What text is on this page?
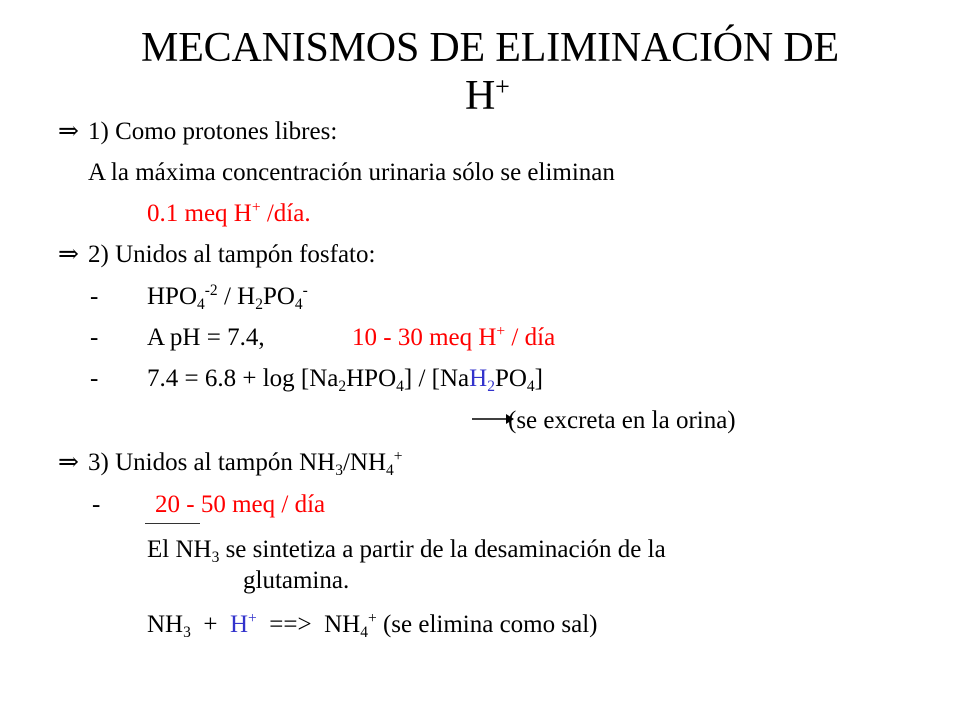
MECANISMOS DE ELIMINACIÓN DE

H+
⇒ 1) Como protones libres:
A la máxima concentración urinaria sólo se eliminan
0.1 meq H+ /día.
⇒ 2) Unidos al tampón fosfato:
- $HPO_4^{-2} / H_2PO_4^-$
- A pH = 7.4,	10 - 30 meq H+ / día
- $7.4 = 6.8 + \log [Na_2HPO_4] / [NaH_2PO_4]$
(se excreta en la orina)
⇒ 3) Unidos al tampón $NH_3/NH_4^+$
- 20 - 50 meq / día
El $NH_3$ se sintetiza a partir de la desaminación de la
glutamina.
$NH_3 + H^+$  ==>  $NH_4^+$ (se elimina como sal)
